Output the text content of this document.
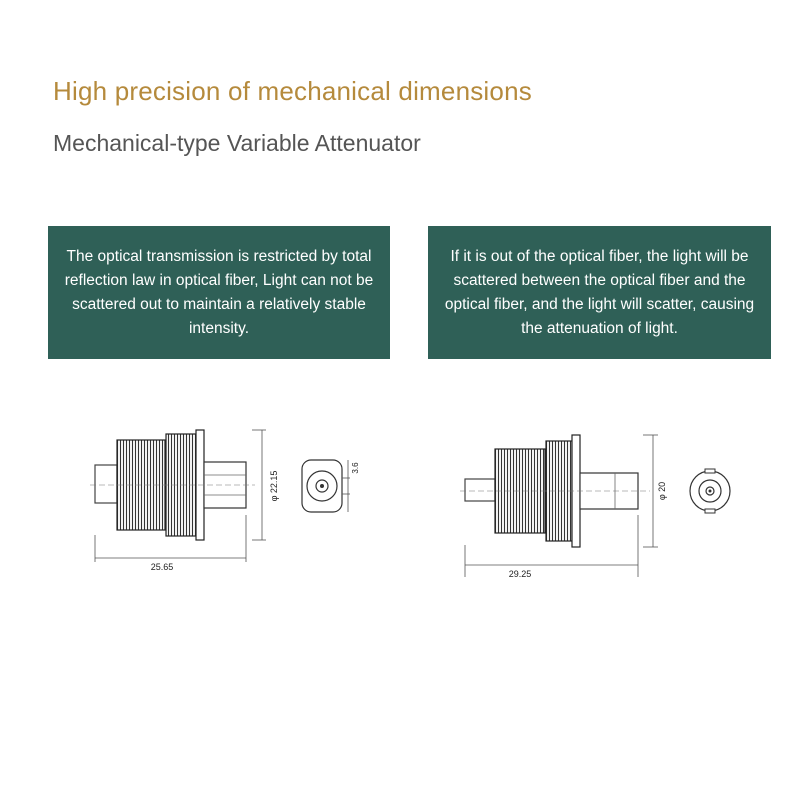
High precision of mechanical dimensions
Mechanical-type Variable Attenuator
The optical transmission is restricted by total reflection law in optical fiber, Light can not be scattered out to maintain a relatively stable intensity.
If it is out of the optical fiber, the light will be scattered between the optical fiber and the optical fiber, and the light will scatter, causing the attenuation of light.
φ 22.15
3.6
25.65
φ 20
29.25
